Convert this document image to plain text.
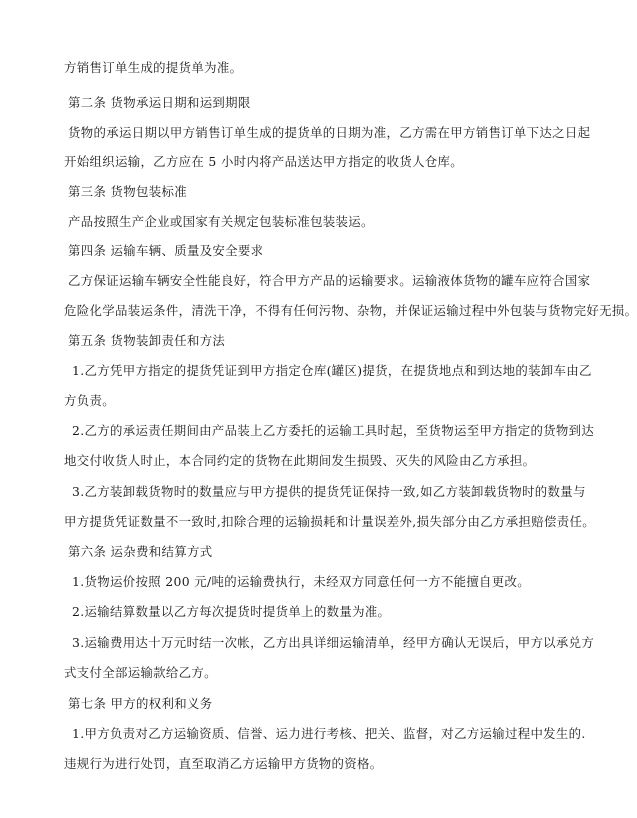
方销售订单生成的提货单为准。
第二条 货物承运日期和运到期限
货物的承运日期以甲方销售订单生成的提货单的日期为准，乙方需在甲方销售订单下达之日起
开始组织运输，乙方应在 5 小时内将产品送达甲方指定的收货人仓库。
第三条 货物包装标准
产品按照生产企业或国家有关规定包装标准包装装运。
第四条 运输车辆、质量及安全要求
乙方保证运输车辆安全性能良好，符合甲方产品的运输要求。运输液体货物的罐车应符合国家
危险化学品装运条件，清洗干净，不得有任何污物、杂物，并保证运输过程中外包装与货物完好无损。
第五条 货物装卸责任和方法
1.乙方凭甲方指定的提货凭证到甲方指定仓库(罐区)提货，在提货地点和到达地的装卸车由乙
方负责。
2.乙方的承运责任期间由产品装上乙方委托的运输工具时起，至货物运至甲方指定的货物到达
地交付收货人时止，本合同约定的货物在此期间发生损毁、灭失的风险由乙方承担。
3.乙方装卸载货物时的数量应与甲方提供的提货凭证保持一致,如乙方装卸载货物时的数量与
甲方提货凭证数量不一致时,扣除合理的运输损耗和计量误差外,损失部分由乙方承担赔偿责任。
第六条 运杂费和结算方式
1.货物运价按照 200 元/吨的运输费执行，未经双方同意任何一方不能擅自更改。
2.运输结算数量以乙方每次提货时提货单上的数量为准。
3.运输费用达十万元时结一次帐，乙方出具详细运输清单，经甲方确认无误后，甲方以承兑方
式支付全部运输款给乙方。
第七条 甲方的权利和义务
1.甲方负责对乙方运输资质、信誉、运力进行考核、把关、监督，对乙方运输过程中发生的.
违规行为进行处罚，直至取消乙方运输甲方货物的资格。
